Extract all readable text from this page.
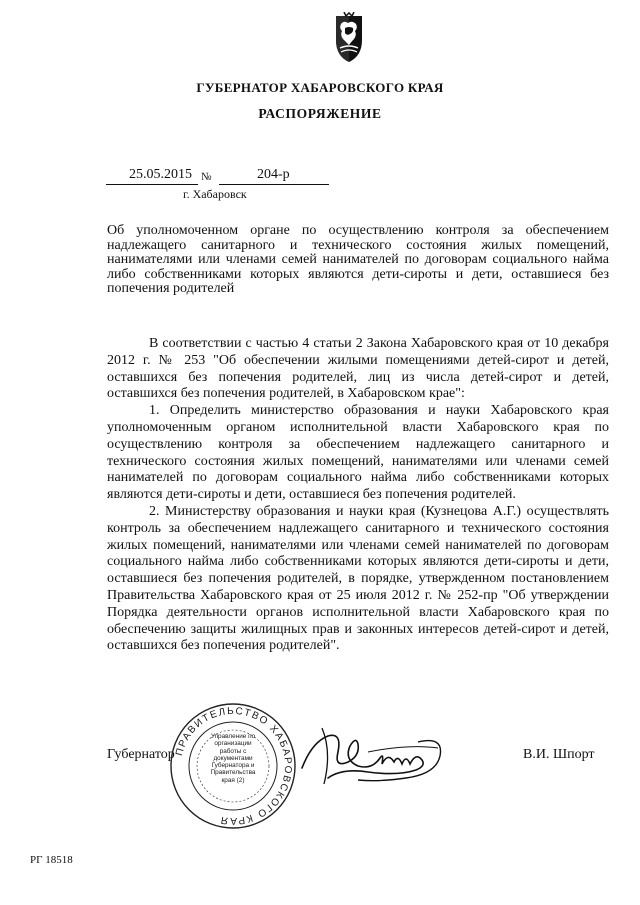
ГУБЕРНАТОР ХАБАРОВСКОГО КРАЯ
РАСПОРЯЖЕНИЕ
25.05.2015 №	204-р
г. Хабаровск
Об уполномоченном органе по осуществлению контроля за обеспечением надлежащего санитарного и технического состояния жилых помещений, нанимателями или членами семей нанимателей по договорам социального найма либо собственниками которых являются дети-сироты и дети, оставшиеся без попечения родителей

В соответствии с частью 4 статьи 2 Закона Хабаровского края от 10 декабря 2012 г. № 253 "Об обеспечении жилыми помещениями детей-сирот и детей, оставшихся без попечения родителей, лиц из числа детей-сирот и детей, оставшихся без попечения родителей, в Хабаровском крае":

1. Определить министерство образования и науки Хабаровского края уполномоченным органом исполнительной власти Хабаровского края по осуществлению контроля за обеспечением надлежащего санитарного и технического состояния жилых помещений, нанимателями или членами семей нанимателей по договорам социального найма либо собственниками которых являются дети-сироты и дети, оставшиеся без попечения родителей.

2. Министерству образования и науки края (Кузнецова А.Г.) осуществлять контроль за обеспечением надлежащего санитарного и технического состояния жилых помещений, нанимателями или членами семей нанимателей по договорам социального найма либо собственниками которых являются дети-сироты и дети, оставшиеся без попечения родителей, в порядке, утвержденном постановлением Правительства Хабаровского края от 25 июля 2012 г. № 252-пр "Об утверждении Порядка деятельности органов исполнительной власти Хабаровского края по обеспечению защиты жилищных прав и законных интересов детей-сирот и детей, оставшихся без попечения родителей".

Губернатор	В.И. Шпорт
ПРАВИТЕЛЬСТВО ХАБАРОВСКОГО КРАЯ
Управление по организации работы с документами Губернатора и Правительства края (2)
РГ 18518
